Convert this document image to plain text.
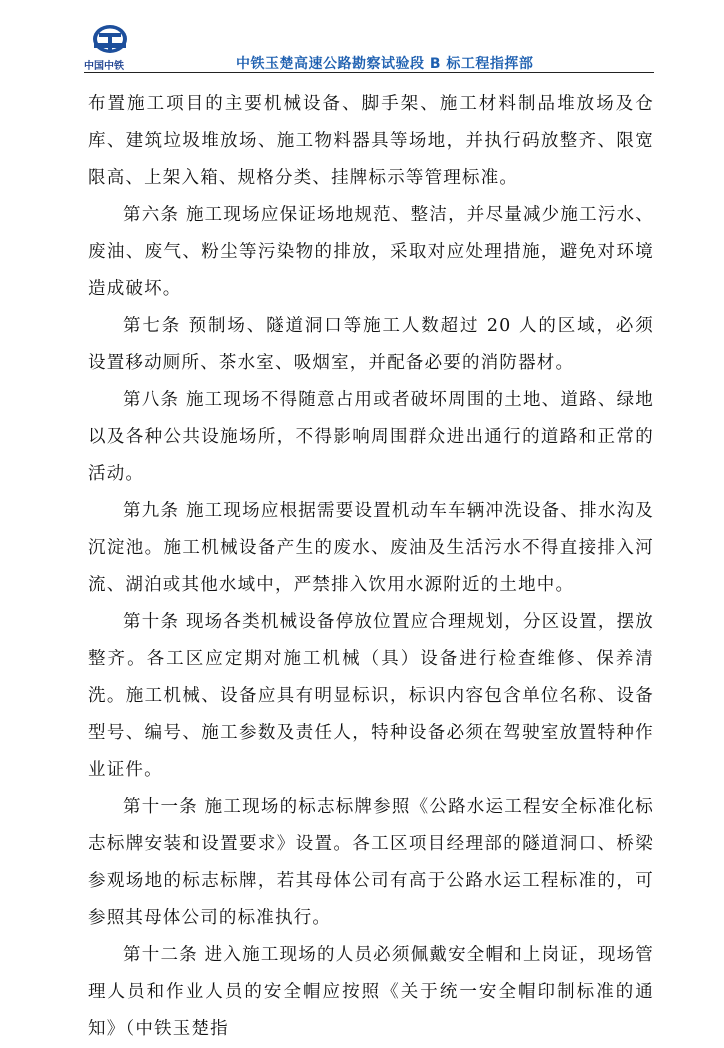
中国中铁	中铁玉楚高速公路勘察试验段 B 标工程指挥部

布置施工项目的主要机械设备、脚手架、施工材料制品堆放场及仓库、建筑垃圾堆放场、施工物料器具等场地，并执行码放整齐、限宽限高、上架入箱、规格分类、挂牌标示等管理标准。

第六条 施工现场应保证场地规范、整洁，并尽量减少施工污水、废油、废气、粉尘等污染物的排放，采取对应处理措施，避免对环境造成破坏。

第七条 预制场、隧道洞口等施工人数超过 20 人的区域，必须设置移动厕所、茶水室、吸烟室，并配备必要的消防器材。

第八条 施工现场不得随意占用或者破坏周围的土地、道路、绿地以及各种公共设施场所，不得影响周围群众进出通行的道路和正常的活动。

第九条 施工现场应根据需要设置机动车车辆冲洗设备、排水沟及沉淀池。施工机械设备产生的废水、废油及生活污水不得直接排入河流、湖泊或其他水域中，严禁排入饮用水源附近的土地中。

第十条 现场各类机械设备停放位置应合理规划，分区设置，摆放整齐。各工区应定期对施工机械（具）设备进行检查维修、保养清洗。施工机械、设备应具有明显标识，标识内容包含单位名称、设备型号、编号、施工参数及责任人，特种设备必须在驾驶室放置特种作业证件。

第十一条 施工现场的标志标牌参照《公路水运工程安全标准化标志标牌安装和设置要求》设置。各工区项目经理部的隧道洞口、桥梁参观场地的标志标牌，若其母体公司有高于公路水运工程标准的，可参照其母体公司的标准执行。

第十二条 进入施工现场的人员必须佩戴安全帽和上岗证，现场管理人员和作业人员的安全帽应按照《关于统一安全帽印制标准的通知》（中铁玉楚指
